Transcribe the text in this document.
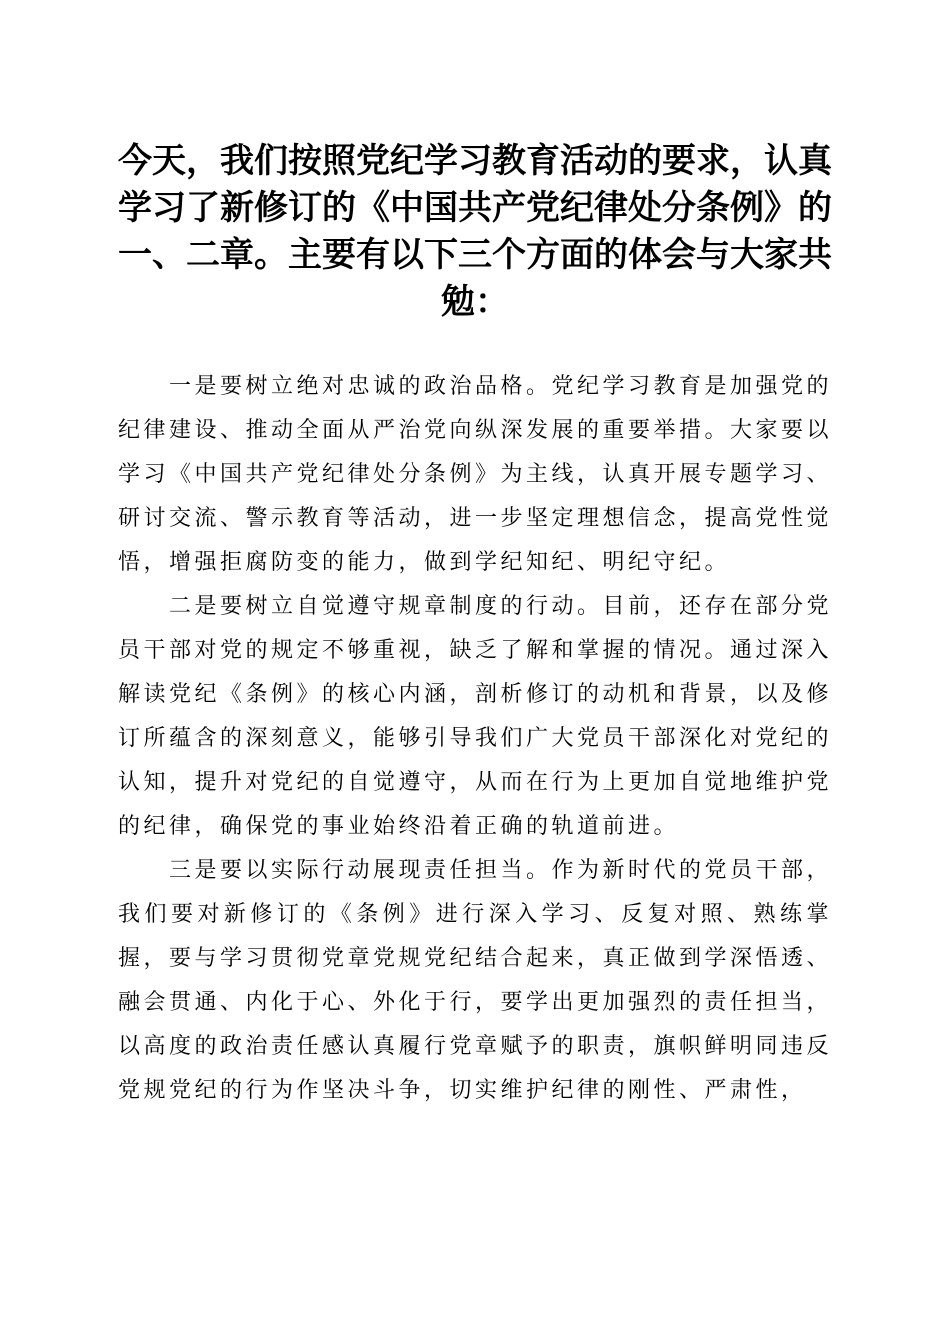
今天，我们按照党纪学习教育活动的要求，认真学习了新修订的《中国共产党纪律处分条例》的一、二章。主要有以下三个方面的体会与大家共勉：

一是要树立绝对忠诚的政治品格。党纪学习教育是加强党的纪律建设、推动全面从严治党向纵深发展的重要举措。大家要以学习《中国共产党纪律处分条例》为主线，认真开展专题学习、研讨交流、警示教育等活动，进一步坚定理想信念，提高党性觉悟，增强拒腐防变的能力，做到学纪知纪、明纪守纪。

二是要树立自觉遵守规章制度的行动。目前，还存在部分党员干部对党的规定不够重视，缺乏了解和掌握的情况。通过深入解读党纪《条例》的核心内涵，剖析修订的动机和背景，以及修订所蕴含的深刻意义，能够引导我们广大党员干部深化对党纪的认知，提升对党纪的自觉遵守，从而在行为上更加自觉地维护党的纪律，确保党的事业始终沿着正确的轨道前进。

三是要以实际行动展现责任担当。作为新时代的党员干部，我们要对新修订的《条例》进行深入学习、反复对照、熟练掌握，要与学习贯彻党章党规党纪结合起来，真正做到学深悟透、融会贯通、内化于心、外化于行，要学出更加强烈的责任担当，以高度的政治责任感认真履行党章赋予的职责，旗帜鲜明同违反党规党纪的行为作坚决斗争，切实维护纪律的刚性、严肃性，
